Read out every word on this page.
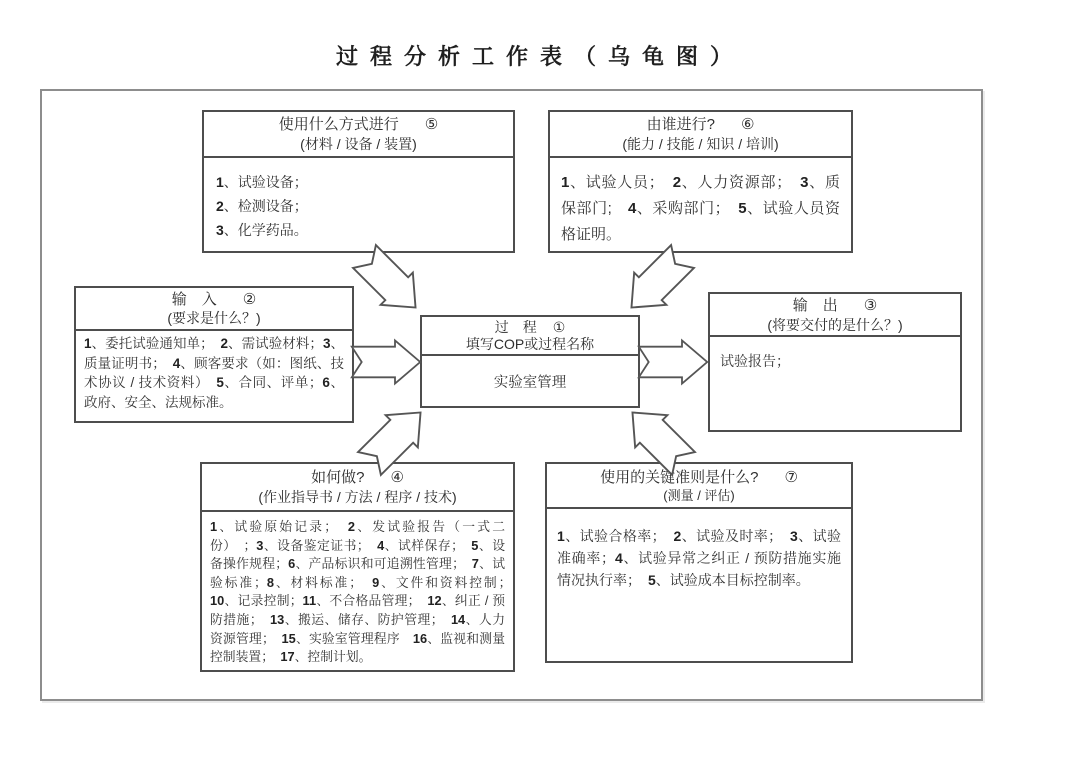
过程分析工作表（乌龟图）
使用什么方式进行 ⑤
(材料 / 设备 / 装置)
1、试验设备；
2、检测设备；
3、化学药品。
由谁进行? ⑥
(能力 / 技能 / 知识 / 培训)
1、试验人员；　2、人力资源部；　3、质保部门;　4、采购部门；　5、试验人员资格证明。
输　入 ②
(要求是什么？)
1、委托试验通知单；　2、需试验材料；3、质量证明书；　4、顾客要求（如：图纸、技术协议 / 技术资料）　5、合同、评单；6、政府、安全、法规标准。
过　程 ①
填写COP或过程名称
实验室管理
输　出 ③
(将要交付的是什么？)
试验报告；
如何做? ④
(作业指导书 / 方法 / 程序 / 技术)
1、试验原始记录；　2、发试验报告（一式二份）　；3、设备鉴定证书；　4、试样保存；　5、设备操作规程；6、产品标识和可追溯性管理；　7、试验标准；8、材料标准；　9、文件和资料控制；　10、记录控制；11、不合格品管理；　12、纠正 / 预防措施；　13、搬运、储存、防护管理；　14、人力资源管理；　15、实验室管理程序　16、监视和测量控制装置；　17、控制计划。
使用的关键准则是什么? ⑦
(测量 / 评估)
1、试验合格率；　2、试验及时率；　3、试验准确率；4、试验异常之纠正 / 预防措施实施情况执行率；　5、试验成本目标控制率。
